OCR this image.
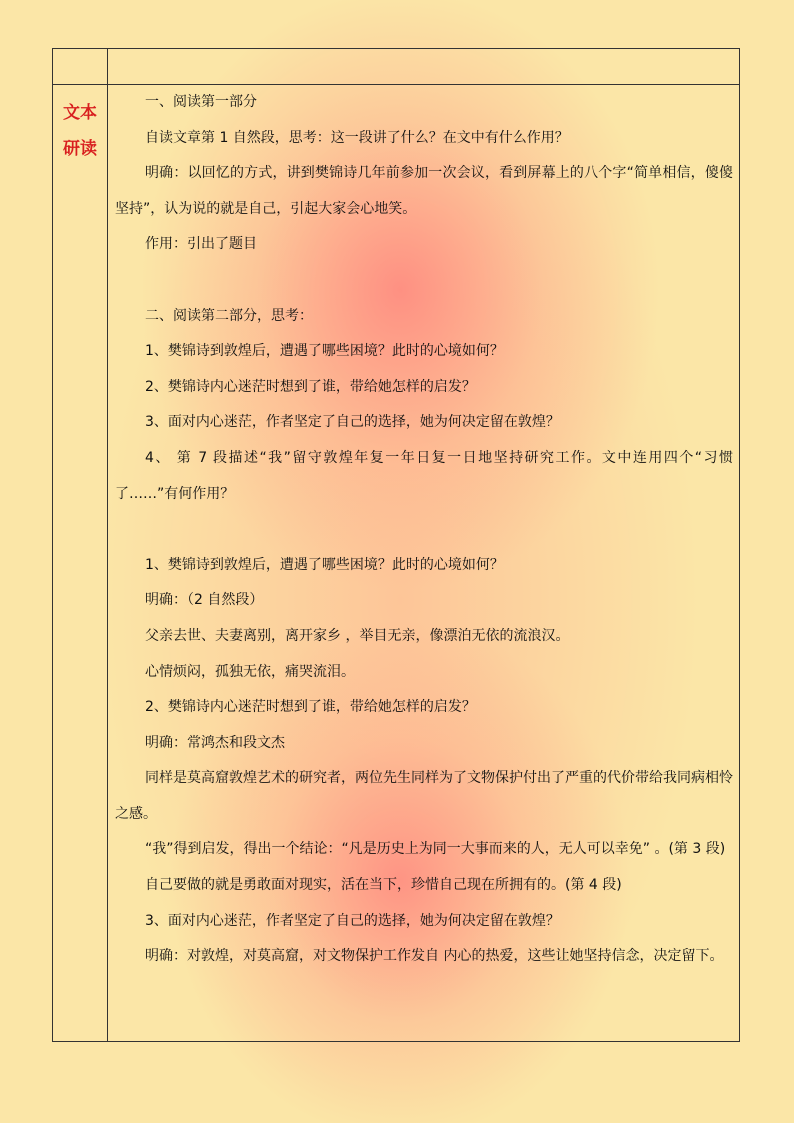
文本
研读

一、阅读第一部分

自读文章第 1 自然段，思考：这一段讲了什么？在文中有什么作用？

明确：以回忆的方式，讲到樊锦诗几年前参加一次会议，看到屏幕上的八个字“简单相信，傻傻坚持”，认为说的就是自己，引起大家会心地笑。

作用：引出了题目

二、阅读第二部分，思考：

1、樊锦诗到敦煌后，遭遇了哪些困境？此时的心境如何？

2、樊锦诗内心迷茫时想到了谁，带给她怎样的启发？

3、面对内心迷茫，作者坚定了自己的选择，她为何决定留在敦煌？

4、 第 7 段描述“我”留守敦煌年复一年日复一日地坚持研究工作。文中连用四个“习惯了……”有何作用？

1、樊锦诗到敦煌后，遭遇了哪些困境？此时的心境如何？

明确：（2 自然段）

父亲去世、夫妻离别，离开家乡 ，举目无亲，像漂泊无依的流浪汉。

心情烦闷，孤独无依，痛哭流泪。

2、樊锦诗内心迷茫时想到了谁，带给她怎样的启发？

明确：常鸿杰和段文杰

同样是莫高窟敦煌艺术的研究者，两位先生同样为了文物保护付出了严重的代价带给我同病相怜之感。

“我”得到启发，得出一个结论：“凡是历史上为同一大事而来的人，无人可以幸免” 。(第 3 段)

自己要做的就是勇敢面对现实，活在当下，珍惜自己现在所拥有的。(第 4 段)

3、面对内心迷茫，作者坚定了自己的选择，她为何决定留在敦煌？

明确：对敦煌，对莫高窟，对文物保护工作发自 内心的热爱，这些让她坚持信念，决定留下。
